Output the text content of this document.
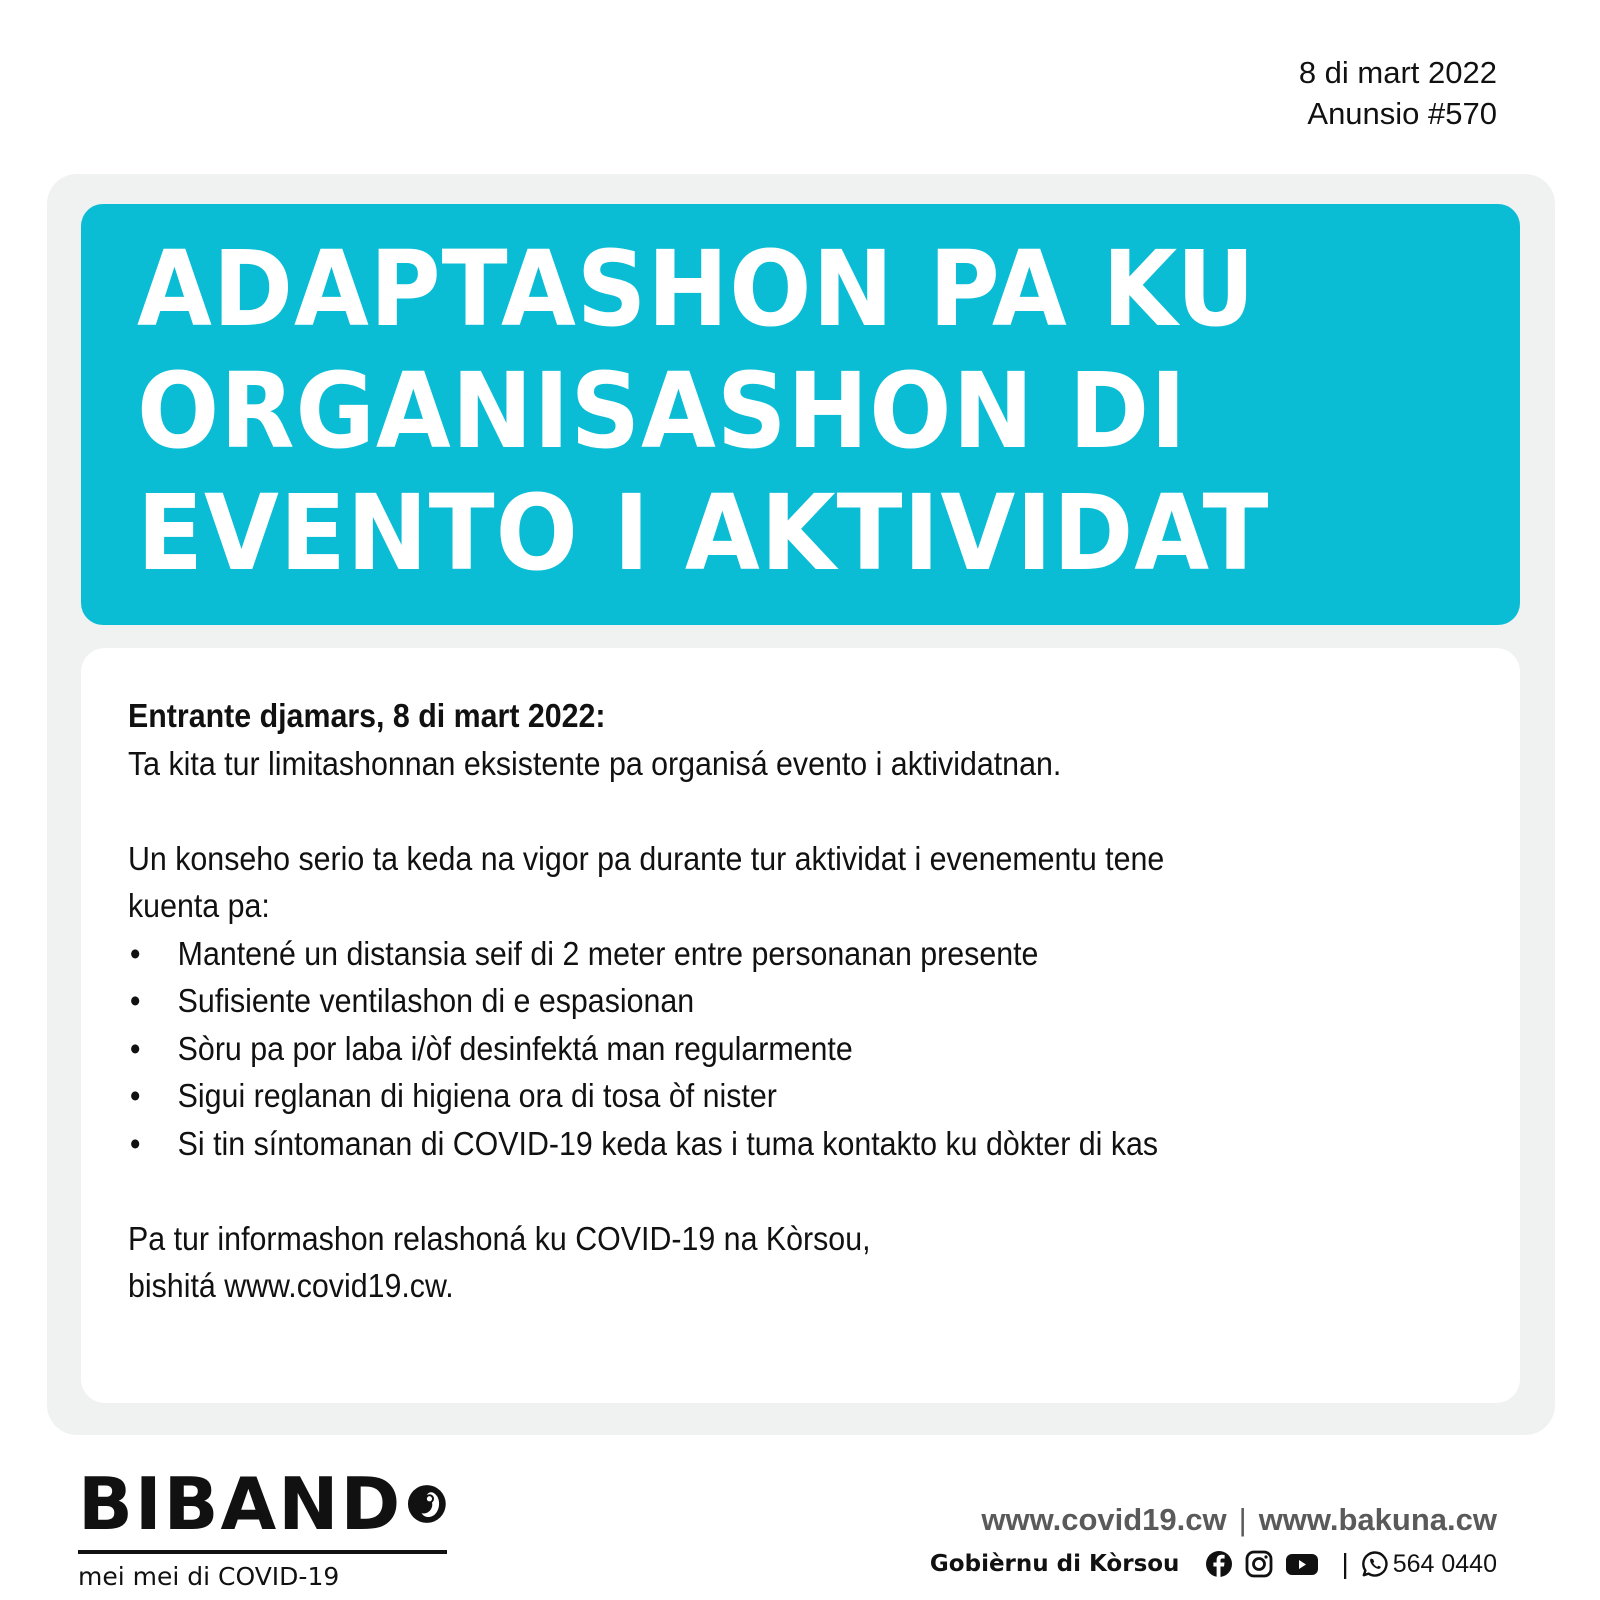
8 di mart 2022
Anunsio #570
ADAPTASHON PA KU
ORGANISASHON DI
EVENTO I AKTIVIDAT

Entrante djamars, 8 di mart 2022:

Ta kita tur limitashonnan eksistente pa organisá evento i aktividatnan.

Un konseho serio ta keda na vigor pa durante tur aktividat i evenementu tene

kuenta pa:

• Mantené un distansia seif di 2 meter entre personanan presente
• Sufisiente ventilashon di e espasionan
• Sòru pa por laba i/òf desinfektá man regularmente
• Sigui reglanan di higiena ora di tosa òf nister
• Si tin síntomanan di COVID-19 keda kas i tuma kontakto ku dòkter di kas

Pa tur informashon relashoná ku COVID-19 na Kòrsou,

bishitá www.covid19.cw.

BIBAND
mei mei di COVID-19
www.covid19.cw | www.bakuna.cw
Gobièrnu di Kòrsou	| 564 0440
